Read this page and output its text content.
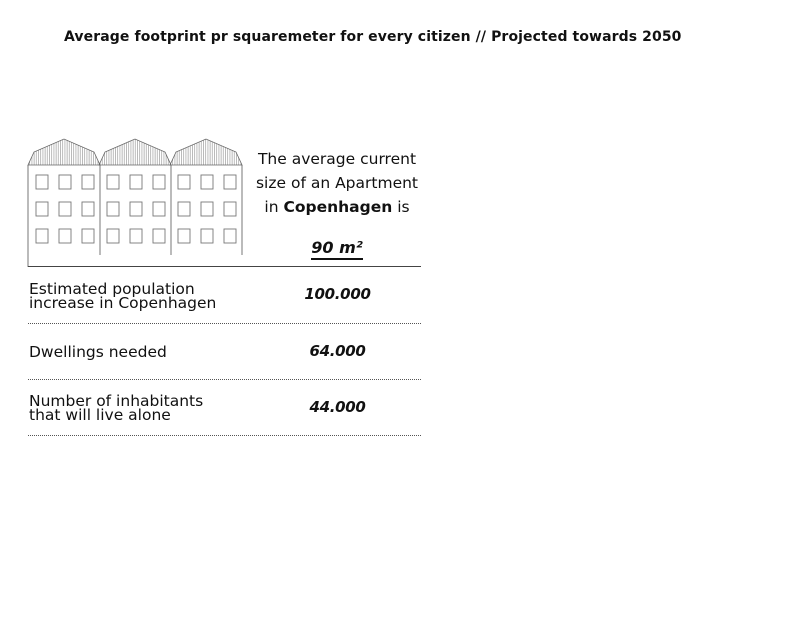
Average footprint pr squaremeter for every citizen // Projected towards 2050
The average current
size of an Apartment
in Copenhagen is
90 m²
Estimated population
increase in Copenhagen	100.000
Dwellings needed	64.000
Number of inhabitants
that will live alone	44.000
